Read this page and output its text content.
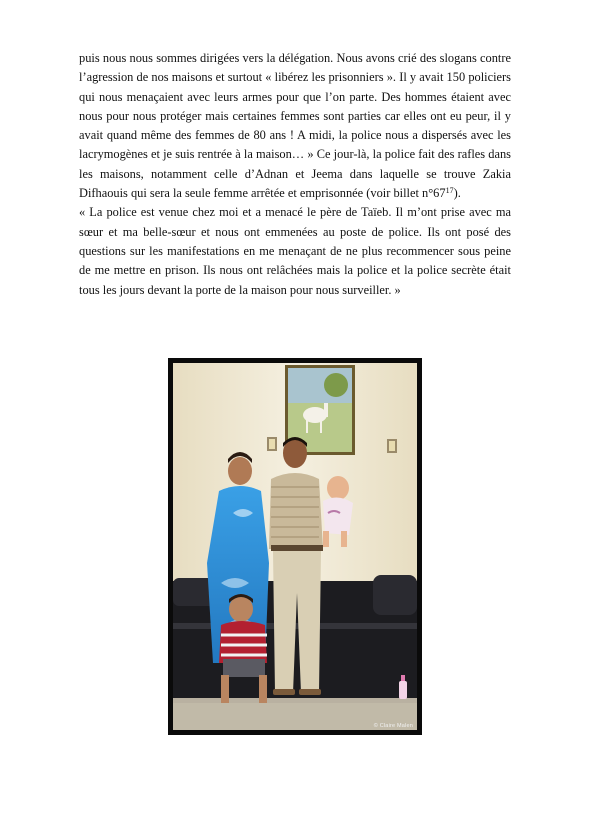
puis nous nous sommes dirigées vers la délégation. Nous avons crié des slogans contre l’agression de nos maisons et surtout « libérez les prisonniers ». Il y avait 150 policiers qui nous menaçaient avec leurs armes pour que l’on parte. Des hommes étaient avec nous pour nous protéger mais certaines femmes sont parties car elles ont eu peur, il y avait quand même des femmes de 80 ans ! A midi, la police nous a dispersés avec les lacrymogènes et je suis rentrée à la maison… » Ce jour-là, la police fait des rafles dans les maisons, notamment celle d’Adnan et Jeema dans laquelle se trouve Zakia Difhaouis qui sera la seule femme arrêtée et emprisonnée (voir billet $n^\circ 67^{17}$).

« La police est venue chez moi et a menacé le père de Taïeb. Il m’ont prise avec ma sœur et ma belle-sœur et nous ont emmenées au poste de police. Ils ont posé des questions sur les manifestations en me menaçant de ne plus recommencer sous peine de me mettre en prison. Ils nous ont relâchées mais la police et la police secrète était tous les jours devant la porte de la maison pour nous surveiller. »

© Claire Malen
